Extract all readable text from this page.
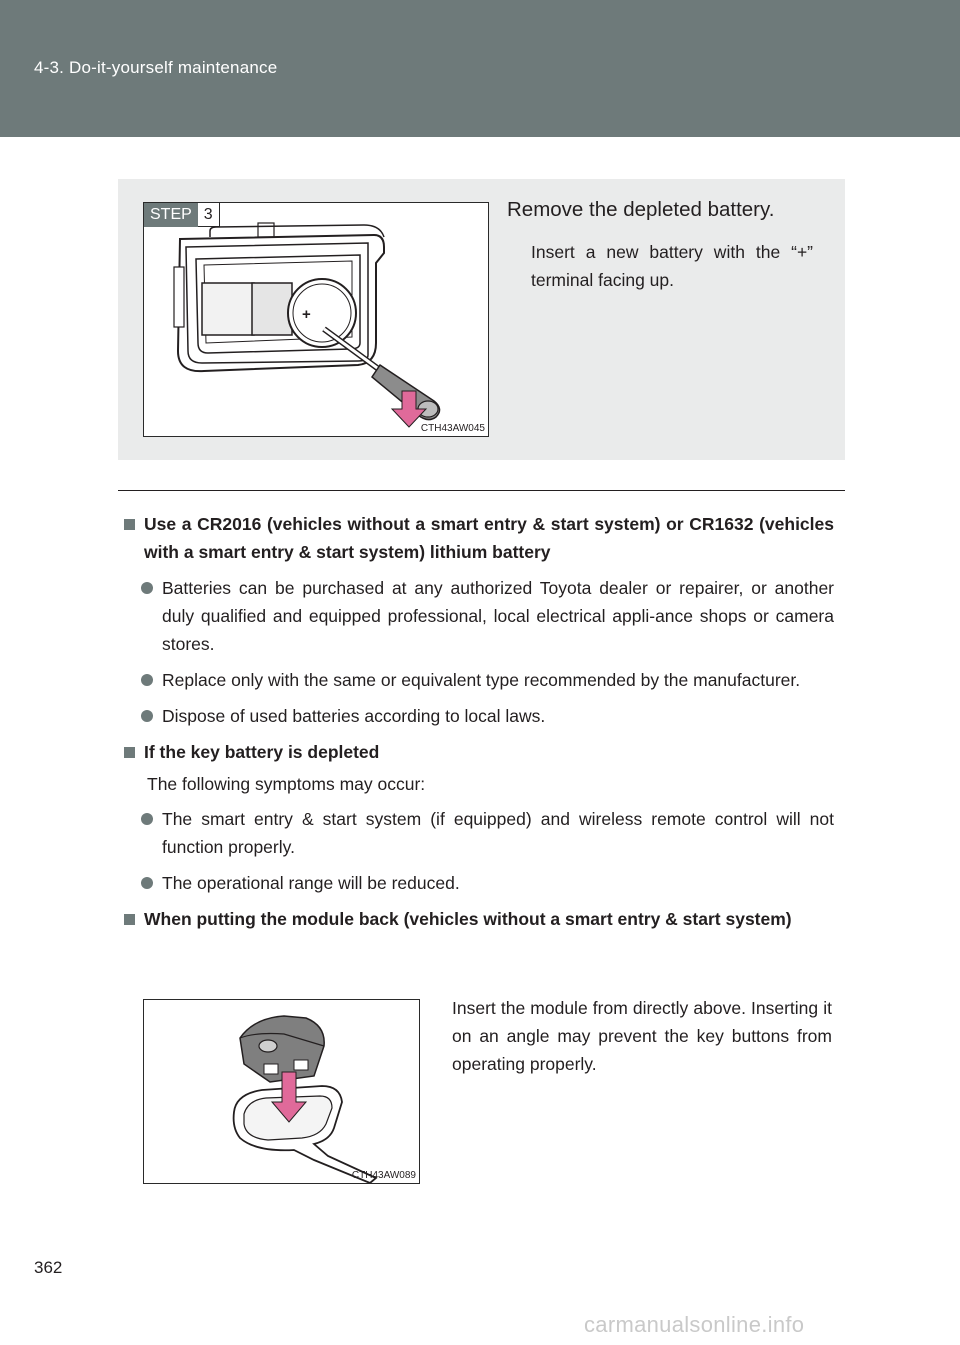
4-3. Do-it-yourself maintenance
STEP 3
+
CTH43AW045
Remove the depleted battery.
Insert a new battery with the “+” terminal facing up.
Use a CR2016 (vehicles without a smart entry & start system) or CR1632 (vehicles with a smart entry & start system) lithium battery
Batteries can be purchased at any authorized Toyota dealer or repairer, or another duly qualified and equipped professional, local electrical appli-ance shops or camera stores.
Replace only with the same or equivalent type recommended by the manufacturer.
Dispose of used batteries according to local laws.
If the key battery is depleted
The following symptoms may occur:
The smart entry & start system (if equipped) and wireless remote control will not function properly.
The operational range will be reduced.
When putting the module back (vehicles without a smart entry & start system)
CTH43AW089
Insert the module from directly above. Inserting it on an angle may prevent the key buttons from operating properly.
362
carmanualsonline.info
